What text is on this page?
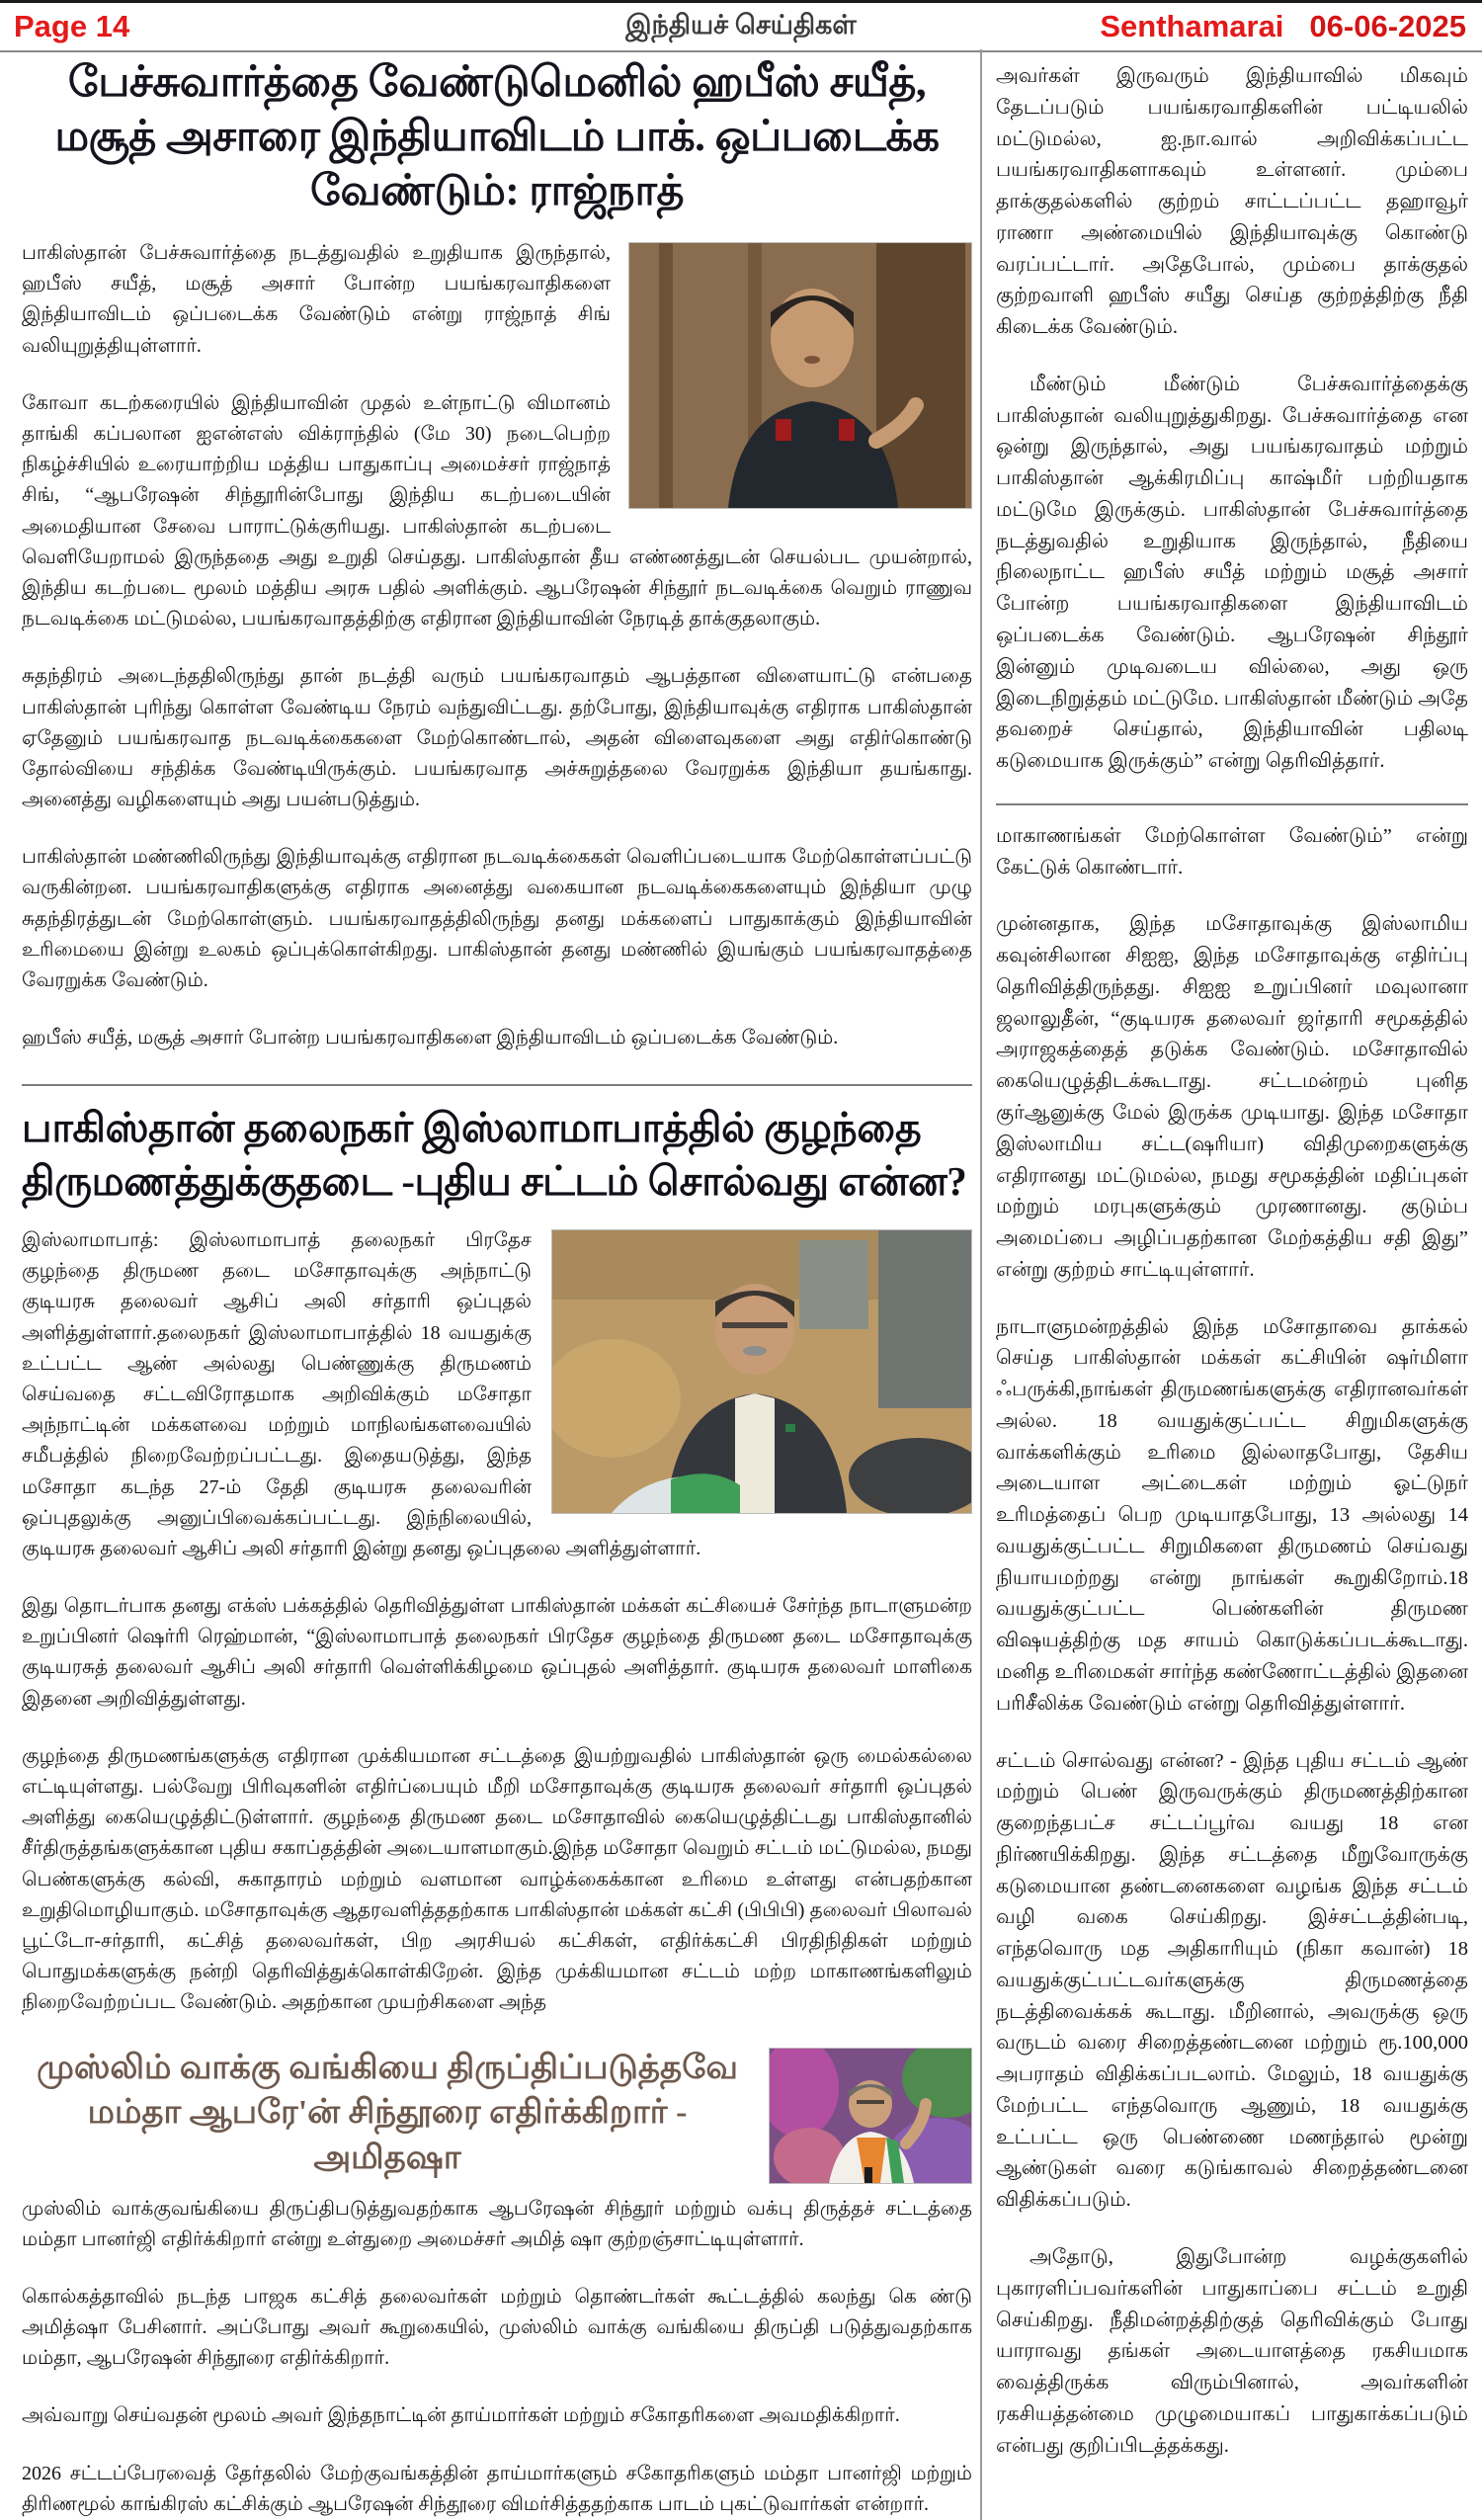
Page 14	இந்தியச் செய்திகள்	Senthamarai 06-06-2025
பேச்சுவார்த்தை வேண்டுமெனில் ஹபீஸ் சயீத், மசூத் அசாரை இந்தியாவிடம் பாக். ஒப்படைக்க வேண்டும்: ராஜ்நாத்

பாகிஸ்தான் பேச்சுவார்த்தை நடத்துவதில் உறுதியாக இருந்தால், ஹபீஸ் சயீத், மசூத் அசார் போன்ற பயங்கரவாதிகளை இந்தியாவிடம் ஒப்படைக்க வேண்டும் என்று ராஜ்நாத் சிங் வலியுறுத்தியுள்ளார்.

கோவா கடற்கரையில் இந்தியாவின் முதல் உள்நாட்டு விமானம் தாங்கி கப்பலான ஐஎன்எஸ் விக்ராந்தில் (மே 30) நடைபெற்ற நிகழ்ச்சியில் உரையாற்றிய மத்திய பாதுகாப்பு அமைச்சர் ராஜ்நாத் சிங், “ஆபரேஷன் சிந்தூரின்போது இந்திய கடற்படையின் அமைதியான சேவை பாராட்டுக்குரியது. பாகிஸ்தான் கடற்படை வெளியேறாமல் இருந்ததை அது உறுதி செய்தது. பாகிஸ்தான் தீய எண்ணத்துடன் செயல்பட முயன்றால், இந்திய கடற்படை மூலம் மத்திய அரசு பதில் அளிக்கும். ஆபரேஷன் சிந்தூர் நடவடிக்கை வெறும் ராணுவ நடவடிக்கை மட்டுமல்ல, பயங்கரவாதத்திற்கு எதிரான இந்தியாவின் நேரடித் தாக்குதலாகும்.

சுதந்திரம் அடைந்ததிலிருந்து தான் நடத்தி வரும் பயங்கரவாதம் ஆபத்தான விளையாட்டு என்பதை பாகிஸ்தான் புரிந்து கொள்ள வேண்டிய நேரம் வந்துவிட்டது. தற்போது, இந்தியாவுக்கு எதிராக பாகிஸ்தான் ஏதேனும் பயங்கரவாத நடவடிக்கைகளை மேற்கொண்டால், அதன் விளைவுகளை அது எதிர்கொண்டு தோல்வியை சந்திக்க வேண்டியிருக்கும். பயங்கரவாத அச்சுறுத்தலை வேரறுக்க இந்தியா தயங்காது. அனைத்து வழிகளையும் அது பயன்படுத்தும்.

பாகிஸ்தான் மண்ணிலிருந்து இந்தியாவுக்கு எதிரான நடவடிக்கைகள் வெளிப்படையாக மேற்கொள்ளப்பட்டு வருகின்றன. பயங்கரவாதிகளுக்கு எதிராக அனைத்து வகையான நடவடிக்கைகளையும் இந்தியா முழு சுதந்திரத்துடன் மேற்கொள்ளும். பயங்கரவாதத்திலிருந்து தனது மக்களைப் பாதுகாக்கும் இந்தியாவின் உரிமையை இன்று உலகம் ஒப்புக்கொள்கிறது. பாகிஸ்தான் தனது மண்ணில் இயங்கும் பயங்கரவாதத்தை வேரறுக்க வேண்டும்.

ஹபீஸ் சயீத், மசூத் அசார் போன்ற பயங்கரவாதிகளை இந்தியாவிடம் ஒப்படைக்க வேண்டும்.

பாகிஸ்தான் தலைநகர் இஸ்லாமாபாத்தில் குழந்தை திருமணத்துக்குதடை -புதிய சட்டம் சொல்வது என்ன?

இஸ்லாமாபாத்: இஸ்லாமாபாத் தலைநகர் பிரதேச குழந்தை திருமண தடை மசோதாவுக்கு அந்நாட்டு குடியரசு தலைவர் ஆசிப் அலி சர்தாரி ஒப்புதல் அளித்துள்ளார்.தலைநகர் இஸ்லாமாபாத்தில் 18 வயதுக்கு உட்பட்ட ஆண் அல்லது பெண்ணுக்கு திருமணம் செய்வதை சட்டவிரோதமாக அறிவிக்கும் மசோதா அந்நாட்டின் மக்களவை மற்றும் மாநிலங்களவையில் சமீபத்தில் நிறைவேற்றப்பட்டது. இதையடுத்து, இந்த மசோதா கடந்த 27-ம் தேதி குடியரசு தலைவரின் ஒப்புதலுக்கு அனுப்பிவைக்கப்பட்டது. இந்நிலையில், குடியரசு தலைவர் ஆசிப் அலி சர்தாரி இன்று தனது ஒப்புதலை அளித்துள்ளார்.

இது தொடர்பாக தனது எக்ஸ் பக்கத்தில் தெரிவித்துள்ள பாகிஸ்தான் மக்கள் கட்சியைச் சேர்ந்த நாடாளுமன்ற உறுப்பினர் ஷெர்ரி ரெஹ்மான், “இஸ்லாமாபாத் தலைநகர் பிரதேச குழந்தை திருமண தடை மசோதாவுக்கு குடியரசுத் தலைவர் ஆசிப் அலி சர்தாரி வெள்ளிக்கிழமை ஒப்புதல் அளித்தார். குடியரசு தலைவர் மாளிகை இதனை அறிவித்துள்ளது.

குழந்தை திருமணங்களுக்கு எதிரான முக்கியமான சட்டத்தை இயற்றுவதில் பாகிஸ்தான் ஒரு மைல்கல்லை எட்டியுள்ளது. பல்வேறு பிரிவுகளின் எதிர்ப்பையும் மீறி மசோதாவுக்கு குடியரசு தலைவர் சர்தாரி ஒப்புதல் அளித்து கையெழுத்திட்டுள்ளார். குழந்தை திருமண தடை மசோதாவில் கையெழுத்திட்டது பாகிஸ்தானில் சீர்திருத்தங்களுக்கான புதிய சகாப்தத்தின் அடையாளமாகும்.இந்த மசோதா வெறும் சட்டம் மட்டுமல்ல, நமது பெண்களுக்கு கல்வி, சுகாதாரம் மற்றும் வளமான வாழ்க்கைக்கான உரிமை உள்ளது என்பதற்கான உறுதிமொழியாகும். மசோதாவுக்கு ஆதரவளித்ததற்காக பாகிஸ்தான் மக்கள் கட்சி (பிபிபி) தலைவர் பிலாவல் பூட்டோ-சர்தாரி, கட்சித் தலைவர்கள், பிற அரசியல் கட்சிகள், எதிர்க்கட்சி பிரதிநிதிகள் மற்றும் பொதுமக்களுக்கு நன்றி தெரிவித்துக்கொள்கிறேன். இந்த முக்கியமான சட்டம் மற்ற மாகாணங்களிலும் நிறைவேற்றப்பட வேண்டும். அதற்கான முயற்சிகளை அந்த

முஸ்லிம் வாக்கு வங்கியை திருப்திப்படுத்தவே மம்தா ஆபரே'ன் சிந்தூரை எதிர்க்கிறார் - அமிதஷா

முஸ்லிம் வாக்குவங்கியை திருப்திபடுத்துவதற்காக ஆபரேஷன் சிந்தூர் மற்றும் வக்பு திருத்தச் சட்டத்தை மம்தா பானர்ஜி எதிர்க்கிறார் என்று உள்துறை அமைச்சர் அமித் ஷா குற்றஞ்சாட்டியுள்ளார்.

கொல்கத்தாவில் நடந்த பாஜக கட்சித் தலைவர்கள் மற்றும் தொண்டர்கள் கூட்டத்தில் கலந்து கெ ண்டு அமித்ஷா பேசினார். அப்போது அவர் கூறுகையில், முஸ்லிம் வாக்கு வங்கியை திருப்தி படுத்துவதற்காக மம்தா, ஆபரேஷன் சிந்தூரை எதிர்க்கிறார்.

அவ்வாறு செய்வதன் மூலம் அவர் இந்தநாட்டின் தாய்மார்கள் மற்றும் சகோதரிகளை அவமதிக்கிறார்.

2026 சட்டப்பேரவைத் தேர்தலில் மேற்குவங்கத்தின் தாய்மார்களும் சகோதரிகளும் மம்தா பானர்ஜி மற்றும் திரிணமூல் காங்கிரஸ் கட்சிக்கும் ஆபரேஷன் சிந்தூரை விமர்சித்ததற்காக பாடம் புகட்டுவார்கள் என்றார்.

அவர்கள் இருவரும் இந்தியாவில் மிகவும் தேடப்படும் பயங்கரவாதிகளின் பட்டியலில் மட்டுமல்ல, ஐ.நா.வால் அறிவிக்கப்பட்ட பயங்கரவாதிகளாகவும் உள்ளனர். மும்பை தாக்குதல்களில் குற்றம் சாட்டப்பட்ட தஹாவூர் ராணா அண்மையில் இந்தியாவுக்கு கொண்டு வரப்பட்டார். அதேபோல், மும்பை தாக்குதல் குற்றவாளி ஹபீஸ் சயீது செய்த குற்றத்திற்கு நீதி கிடைக்க வேண்டும்.

மீண்டும் மீண்டும் பேச்சுவார்த்தைக்கு பாகிஸ்தான் வலியுறுத்துகிறது. பேச்சுவார்த்தை என ஒன்று இருந்தால், அது பயங்கரவாதம் மற்றும் பாகிஸ்தான் ஆக்கிரமிப்பு காஷ்மீர் பற்றியதாக மட்டுமே இருக்கும். பாகிஸ்தான் பேச்சுவார்த்தை நடத்துவதில் உறுதியாக இருந்தால், நீதியை நிலைநாட்ட ஹபீஸ் சயீத் மற்றும் மசூத் அசார் போன்ற பயங்கரவாதிகளை இந்தியாவிடம் ஒப்படைக்க வேண்டும். ஆபரேஷன் சிந்தூர் இன்னும் முடிவடைய வில்லை, அது ஒரு இடைநிறுத்தம் மட்டுமே. பாகிஸ்தான் மீண்டும் அதே தவறைச் செய்தால், இந்தியாவின் பதிலடி கடுமையாக இருக்கும்” என்று தெரிவித்தார்.

மாகாணங்கள் மேற்கொள்ள வேண்டும்” என்று கேட்டுக் கொண்டார்.

முன்னதாக, இந்த மசோதாவுக்கு இஸ்லாமிய கவுன்சிலான சிஐஐ, இந்த மசோதாவுக்கு எதிர்ப்பு தெரிவித்திருந்தது. சிஐஐ உறுப்பினர் மவுலானா ஜலாலுதீன், “குடியரசு தலைவர் ஜர்தாரி சமூகத்தில் அராஜகத்தைத் தடுக்க வேண்டும். மசோதாவில் கையெழுத்திடக்கூடாது. சட்டமன்றம் புனித குர்ஆனுக்கு மேல் இருக்க முடியாது. இந்த மசோதா இஸ்லாமிய சட்ட(ஷரியா) விதிமுறைகளுக்கு எதிரானது மட்டுமல்ல, நமது சமூகத்தின் மதிப்புகள் மற்றும் மரபுகளுக்கும் முரணானது. குடும்ப அமைப்பை அழிப்பதற்கான மேற்கத்திய சதி இது” என்று குற்றம் சாட்டியுள்ளார்.

நாடாளுமன்றத்தில் இந்த மசோதாவை தாக்கல் செய்த பாகிஸ்தான் மக்கள் கட்சியின் ஷர்மிளா ஃபருக்கி,நாங்கள் திருமணங்களுக்கு எதிரானவர்கள் அல்ல. 18 வயதுக்குட்பட்ட சிறுமிகளுக்கு வாக்களிக்கும் உரிமை இல்லாதபோது, தேசிய அடையாள அட்டைகள் மற்றும் ஓட்டுநர் உரிமத்தைப் பெற முடியாதபோது, 13 அல்லது 14 வயதுக்குட்பட்ட சிறுமிகளை திருமணம் செய்வது நியாயமற்றது என்று நாங்கள் கூறுகிறோம்.18 வயதுக்குட்பட்ட பெண்களின் திருமண விஷயத்திற்கு மத சாயம் கொடுக்கப்படக்கூடாது. மனித உரிமைகள் சார்ந்த கண்ணோட்டத்தில் இதனை பரிசீலிக்க வேண்டும் என்று தெரிவித்துள்ளார்.

சட்டம் சொல்வது என்ன? - இந்த புதிய சட்டம் ஆண் மற்றும் பெண் இருவருக்கும் திருமணத்திற்கான குறைந்தபட்ச சட்டப்பூர்வ வயது 18 என நிர்ணயிக்கிறது. இந்த சட்டத்தை மீறுவோருக்கு கடுமையான தண்டனைகளை வழங்க இந்த சட்டம் வழி வகை செய்கிறது. இச்சட்டத்தின்படி, எந்தவொரு மத அதிகாரியும் (நிகா கவான்) 18 வயதுக்குட்பட்டவர்களுக்கு திருமணத்தை நடத்திவைக்கக் கூடாது. மீறினால், அவருக்கு ஒரு வருடம் வரை சிறைத்தண்டனை மற்றும் ரூ.100,000 அபராதம் விதிக்கப்படலாம். மேலும், 18 வயதுக்கு மேற்பட்ட எந்தவொரு ஆணும், 18 வயதுக்கு உட்பட்ட ஒரு பெண்ணை மணந்தால் மூன்று ஆண்டுகள் வரை கடுங்காவல் சிறைத்தண்டனை விதிக்கப்படும்.

அதோடு, இதுபோன்ற வழக்குகளில் புகாரளிப்பவர்களின் பாதுகாப்பை சட்டம் உறுதி செய்கிறது. நீதிமன்றத்திற்குத் தெரிவிக்கும் போது யாராவது தங்கள் அடையாளத்தை ரகசியமாக வைத்திருக்க விரும்பினால், அவர்களின் ரகசியத்தன்மை முழுமையாகப் பாதுகாக்கப்படும் என்பது குறிப்பிடத்தக்கது.
